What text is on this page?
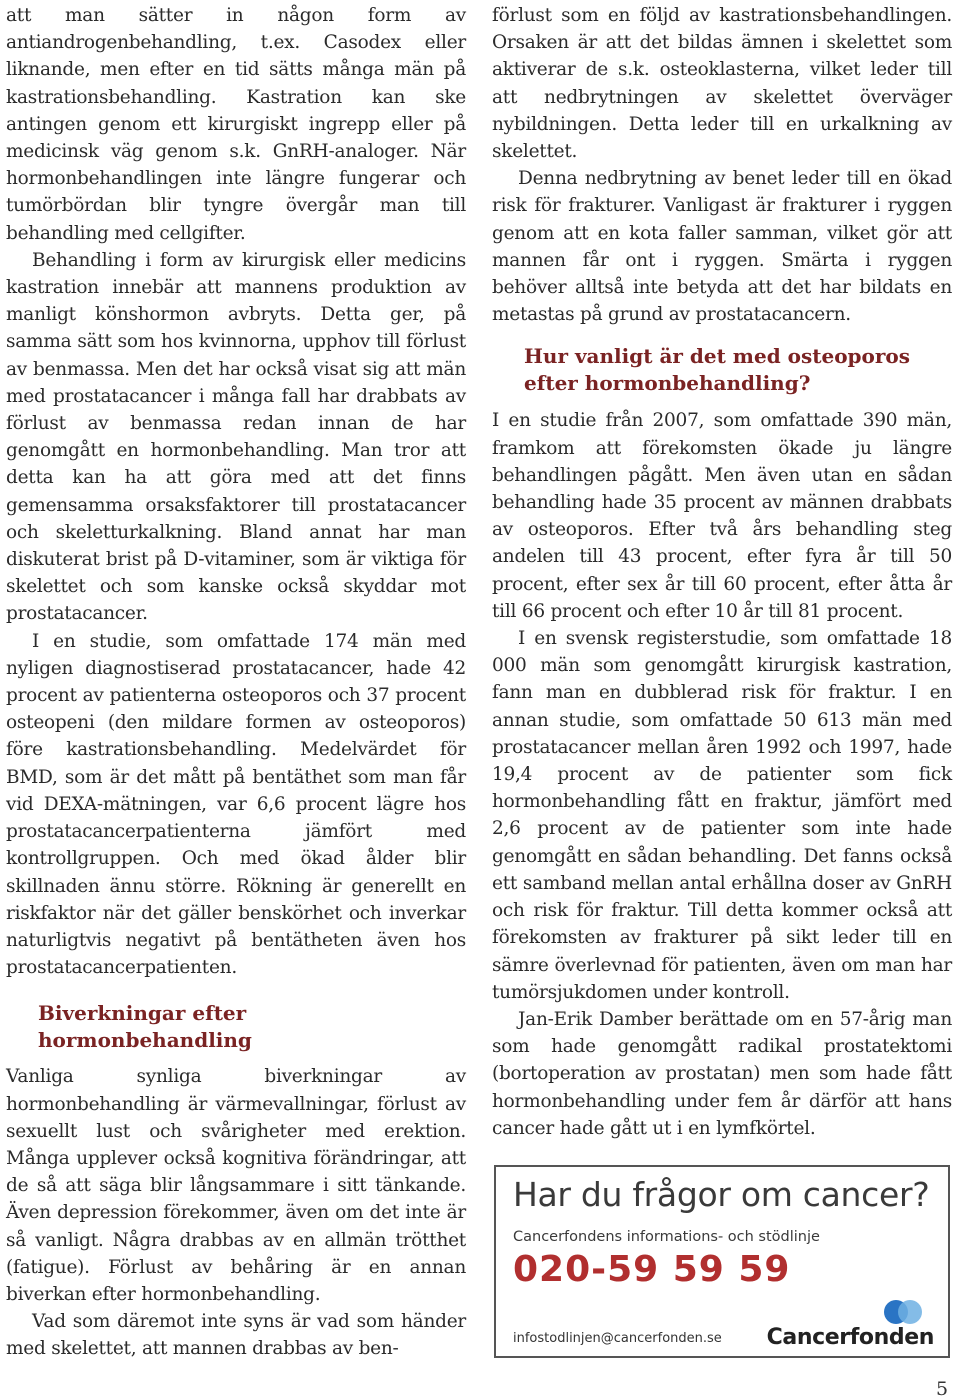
att man sätter in någon form av antiandrogenbehandling, t.ex. Casodex eller liknande, men efter en tid sätts många män på kastrationsbehandling. Kastration kan ske antingen genom ett kirurgiskt ingrepp eller på medicinsk väg genom s.k. GnRH-analoger. När hormonbehandlingen inte längre fungerar och tumörbördan blir tyngre övergår man till behandling med cellgifter.

Behandling i form av kirurgisk eller medicins kastration innebär att mannens produktion av manligt könshormon avbryts. Detta ger, på samma sätt som hos kvinnorna, upphov till förlust av benmassa. Men det har också visat sig att män med prostatacancer i många fall har drabbats av förlust av benmassa redan innan de har genomgått en hormonbehandling. Man tror att detta kan ha att göra med att det finns gemensamma orsaksfaktorer till prostatacancer och skeletturkalkning. Bland annat har man diskuterat brist på D-vitaminer, som är viktiga för skelettet och som kanske också skyddar mot prostatacancer.

I en studie, som omfattade 174 män med nyligen diagnostiserad prostatacancer, hade 42 procent av patienterna osteoporos och 37 procent osteopeni (den mildare formen av osteoporos) före kastrationsbehandling. Medelvärdet för BMD, som är det mått på bentäthet som man får vid DEXA-mätningen, var 6,6 procent lägre hos prostatacancerpatienterna jämfört med kontrollgruppen. Och med ökad ålder blir skillnaden ännu större. Rökning är generellt en riskfaktor när det gäller benskörhet och inverkar naturligtvis negativt på bentätheten även hos prostatacancerpatienten.

Biverkningar efter
hormonbehandling

Vanliga synliga biverkningar av hormonbehandling är värmevallningar, förlust av sexuellt lust och svårigheter med erektion. Många upplever också kognitiva förändringar, att de så att säga blir långsammare i sitt tänkande. Även depression förekommer, även om det inte är så vanligt. Några drabbas av en allmän trötthet (fatigue). Förlust av behåring är en annan biverkan efter hormonbehandling.

Vad som däremot inte syns är vad som händer med skelettet, att mannen drabbas av ben-

förlust som en följd av kastrationsbehandlingen. Orsaken är att det bildas ämnen i skelettet som aktiverar de s.k. osteoklasterna, vilket leder till att nedbrytningen av skelettet överväger nybildningen. Detta leder till en urkalkning av skelettet.

Denna nedbrytning av benet leder till en ökad risk för frakturer. Vanligast är frakturer i ryggen genom att en kota faller samman, vilket gör att mannen får ont i ryggen. Smärta i ryggen behöver alltså inte betyda att det har bildats en metastas på grund av prostatacancern.

Hur vanligt är det med osteoporos
efter hormonbehandling?

I en studie från 2007, som omfattade 390 män, framkom att förekomsten ökade ju längre behandlingen pågått. Men även utan en sådan behandling hade 35 procent av männen drabbats av osteoporos. Efter två års behandling steg andelen till 43 procent, efter fyra år till 50 procent, efter sex år till 60 procent, efter åtta år till 66 procent och efter 10 år till 81 procent.

I en svensk registerstudie, som omfattade 18 000 män som genomgått kirurgisk kastration, fann man en dubblerad risk för fraktur. I en annan studie, som omfattade 50 613 män med prostatacancer mellan åren 1992 och 1997, hade 19,4 procent av de patienter som fick hormonbehandling fått en fraktur, jämfört med 2,6 procent av de patienter som inte hade genomgått en sådan behandling. Det fanns också ett samband mellan antal erhållna doser av GnRH och risk för fraktur. Till detta kommer också att förekomsten av frakturer på sikt leder till en sämre överlevnad för patienten, även om man har tumörsjukdomen under kontroll.

Jan-Erik Damber berättade om en 57-årig man som hade genomgått radikal prostatektomi (bortoperation av prostatan) men som hade fått hormonbehandling under fem år därför att hans cancer hade gått ut i en lymfkörtel.

Har du frågor om cancer?
Cancerfondens informations- och stödlinje
020-59 59 59
infostodlinjen@cancerfonden.se Cancerfonden
5
